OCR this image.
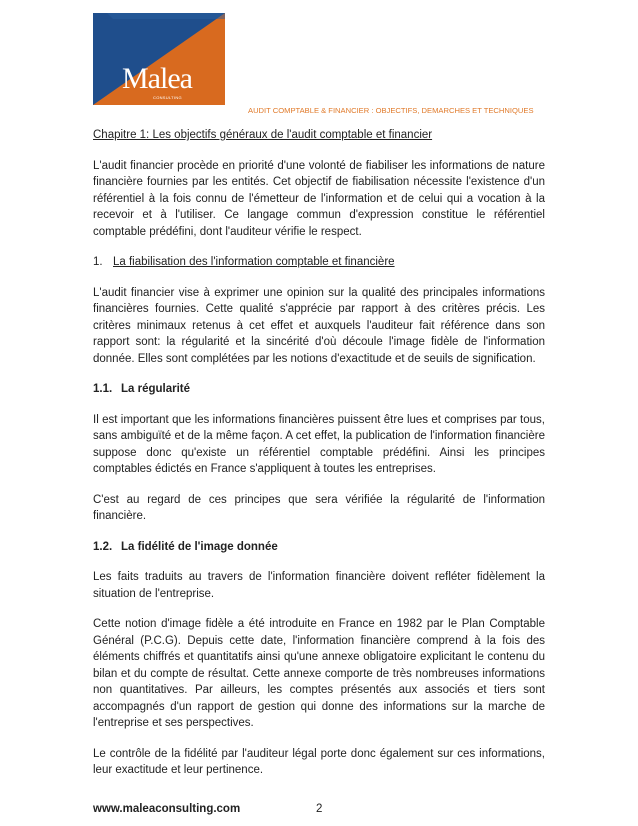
Malea
CONSULTING
AUDIT COMPTABLE & FINANCIER : OBJECTIFS, DEMARCHES ET TECHNIQUES

Chapitre 1: Les objectifs généraux de l'audit comptable et financier

L'audit financier procède en priorité d'une volonté de fiabiliser les informations de nature financière fournies par les entités. Cet objectif de fiabilisation nécessite l'existence d'un référentiel à la fois connu de l'émetteur de l'information et de celui qui a vocation à la recevoir et à l'utiliser. Ce langage commun d'expression constitue le référentiel comptable prédéfini, dont l'auditeur vérifie le respect.

1. La fiabilisation des l'information comptable et financière

L'audit financier vise à exprimer une opinion sur la qualité des principales informations financières fournies. Cette qualité s'apprécie par rapport à des critères précis. Les critères minimaux retenus à cet effet et auxquels l'auditeur fait référence dans son rapport sont: la régularité et la sincérité d'où découle l'image fidèle de l'information donnée. Elles sont complétées par les notions d'exactitude et de seuils de signification.

1.1. La régularité

Il est important que les informations financières puissent être lues et comprises par tous, sans ambiguïté et de la même façon. A cet effet, la publication de l'information financière suppose donc qu'existe un référentiel comptable prédéfini. Ainsi les principes comptables édictés en France s'appliquent à toutes les entreprises.

C'est au regard de ces principes que sera vérifiée la régularité de l'information financière.

1.2. La fidélité de l'image donnée

Les faits traduits au travers de l'information financière doivent refléter fidèlement la situation de l'entreprise.

Cette notion d'image fidèle a été introduite en France en 1982 par le Plan Comptable Général (P.C.G). Depuis cette date, l'information financière comprend à la fois des éléments chiffrés et quantitatifs ainsi qu'une annexe obligatoire explicitant le contenu du bilan et du compte de résultat. Cette annexe comporte de très nombreuses informations non quantitatives. Par ailleurs, les comptes présentés aux associés et tiers sont accompagnés d'un rapport de gestion qui donne des informations sur la marche de l'entreprise et ses perspectives.

Le contrôle de la fidélité par l'auditeur légal porte donc également sur ces informations, leur exactitude et leur pertinence.

www.maleaconsulting.com	2
